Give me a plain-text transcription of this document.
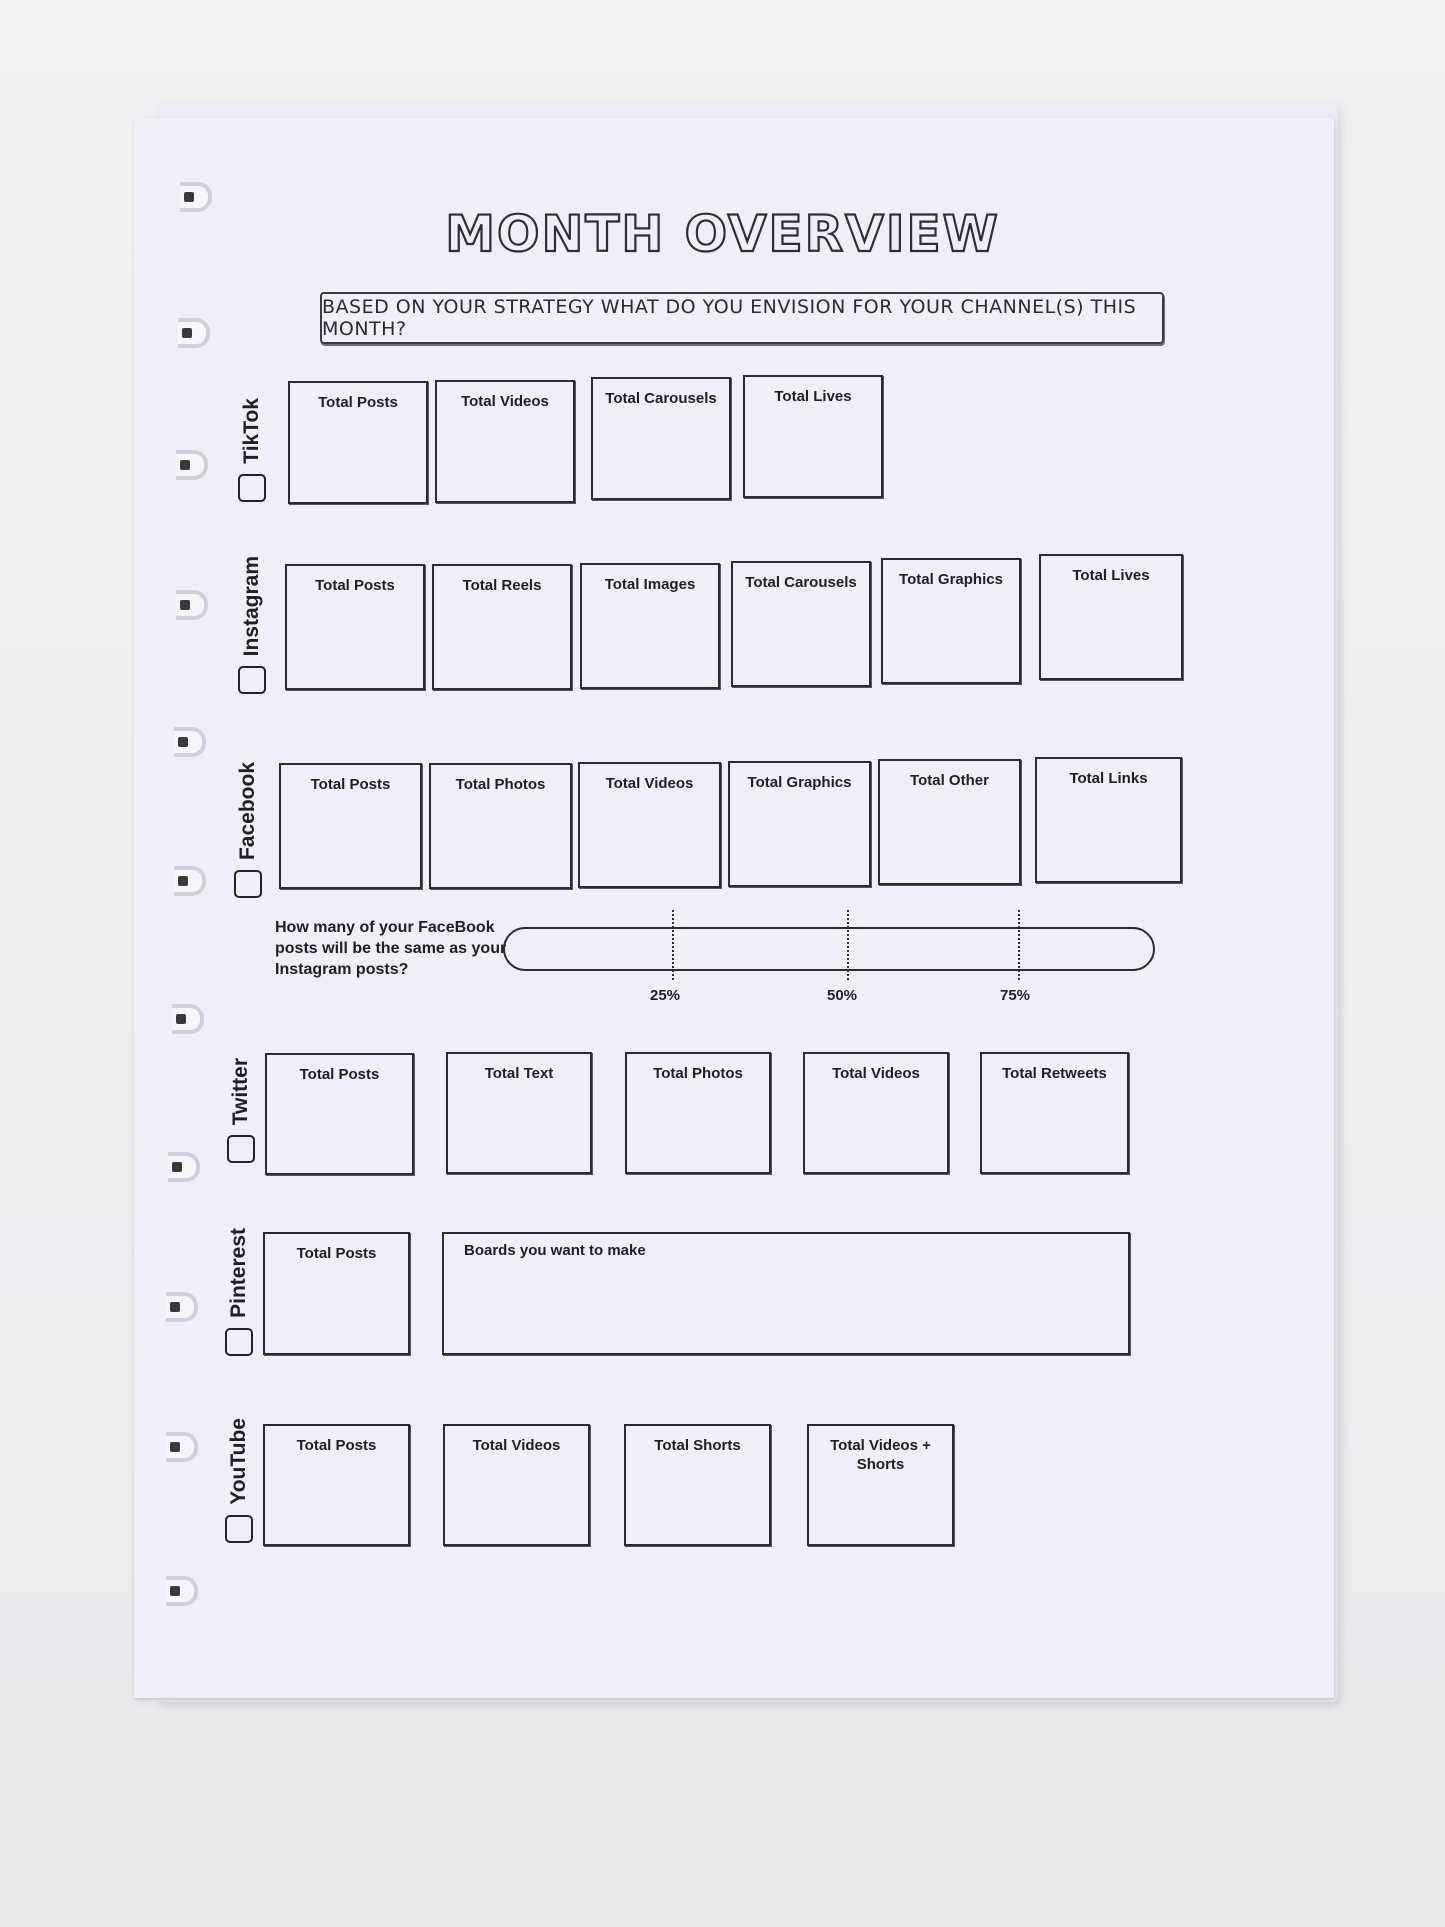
MONTH OVERVIEW
BASED ON YOUR STRATEGY WHAT DO YOU ENVISION FOR YOUR CHANNEL(S) THIS MONTH?
TikTok	Total Posts	Total Videos	Total Carousels	Total Lives
Instagram	Total Posts	Total Reels	Total Images	Total Carousels	Total Graphics	Total Lives
Facebook	Total Posts	Total Photos	Total Videos	Total Graphics	Total Other	Total Links
How many of your FaceBook posts will be the same as your Instagram posts?
25%	50%	75%
Twitter	Total Posts	Total Text	Total Photos	Total Videos	Total Retweets
Pinterest	Total Posts	Boards you want to make
YouTube	Total Posts	Total Videos	Total Shorts	Total Videos + Shorts
